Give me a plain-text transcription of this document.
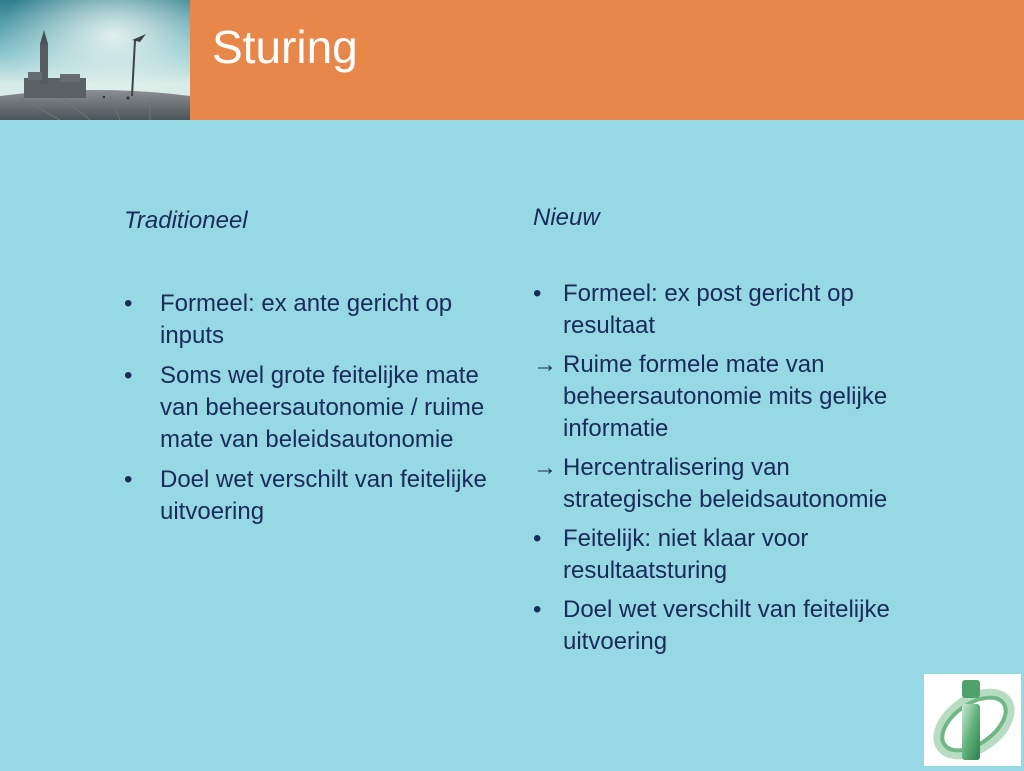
Sturing
Traditioneel
•	Formeel: ex ante gericht op inputs
•	Soms wel grote feitelijke mate van beheersautonomie / ruime mate van beleidsautonomie
•	Doel wet verschilt van feitelijke uitvoering
Nieuw
• Formeel: ex post gericht op resultaat
→ Ruime formele mate van beheersautonomie mits gelijke informatie
→ Hercentralisering van strategische beleidsautonomie
• Feitelijk: niet klaar voor resultaatsturing
• Doel wet verschilt van feitelijke uitvoering
